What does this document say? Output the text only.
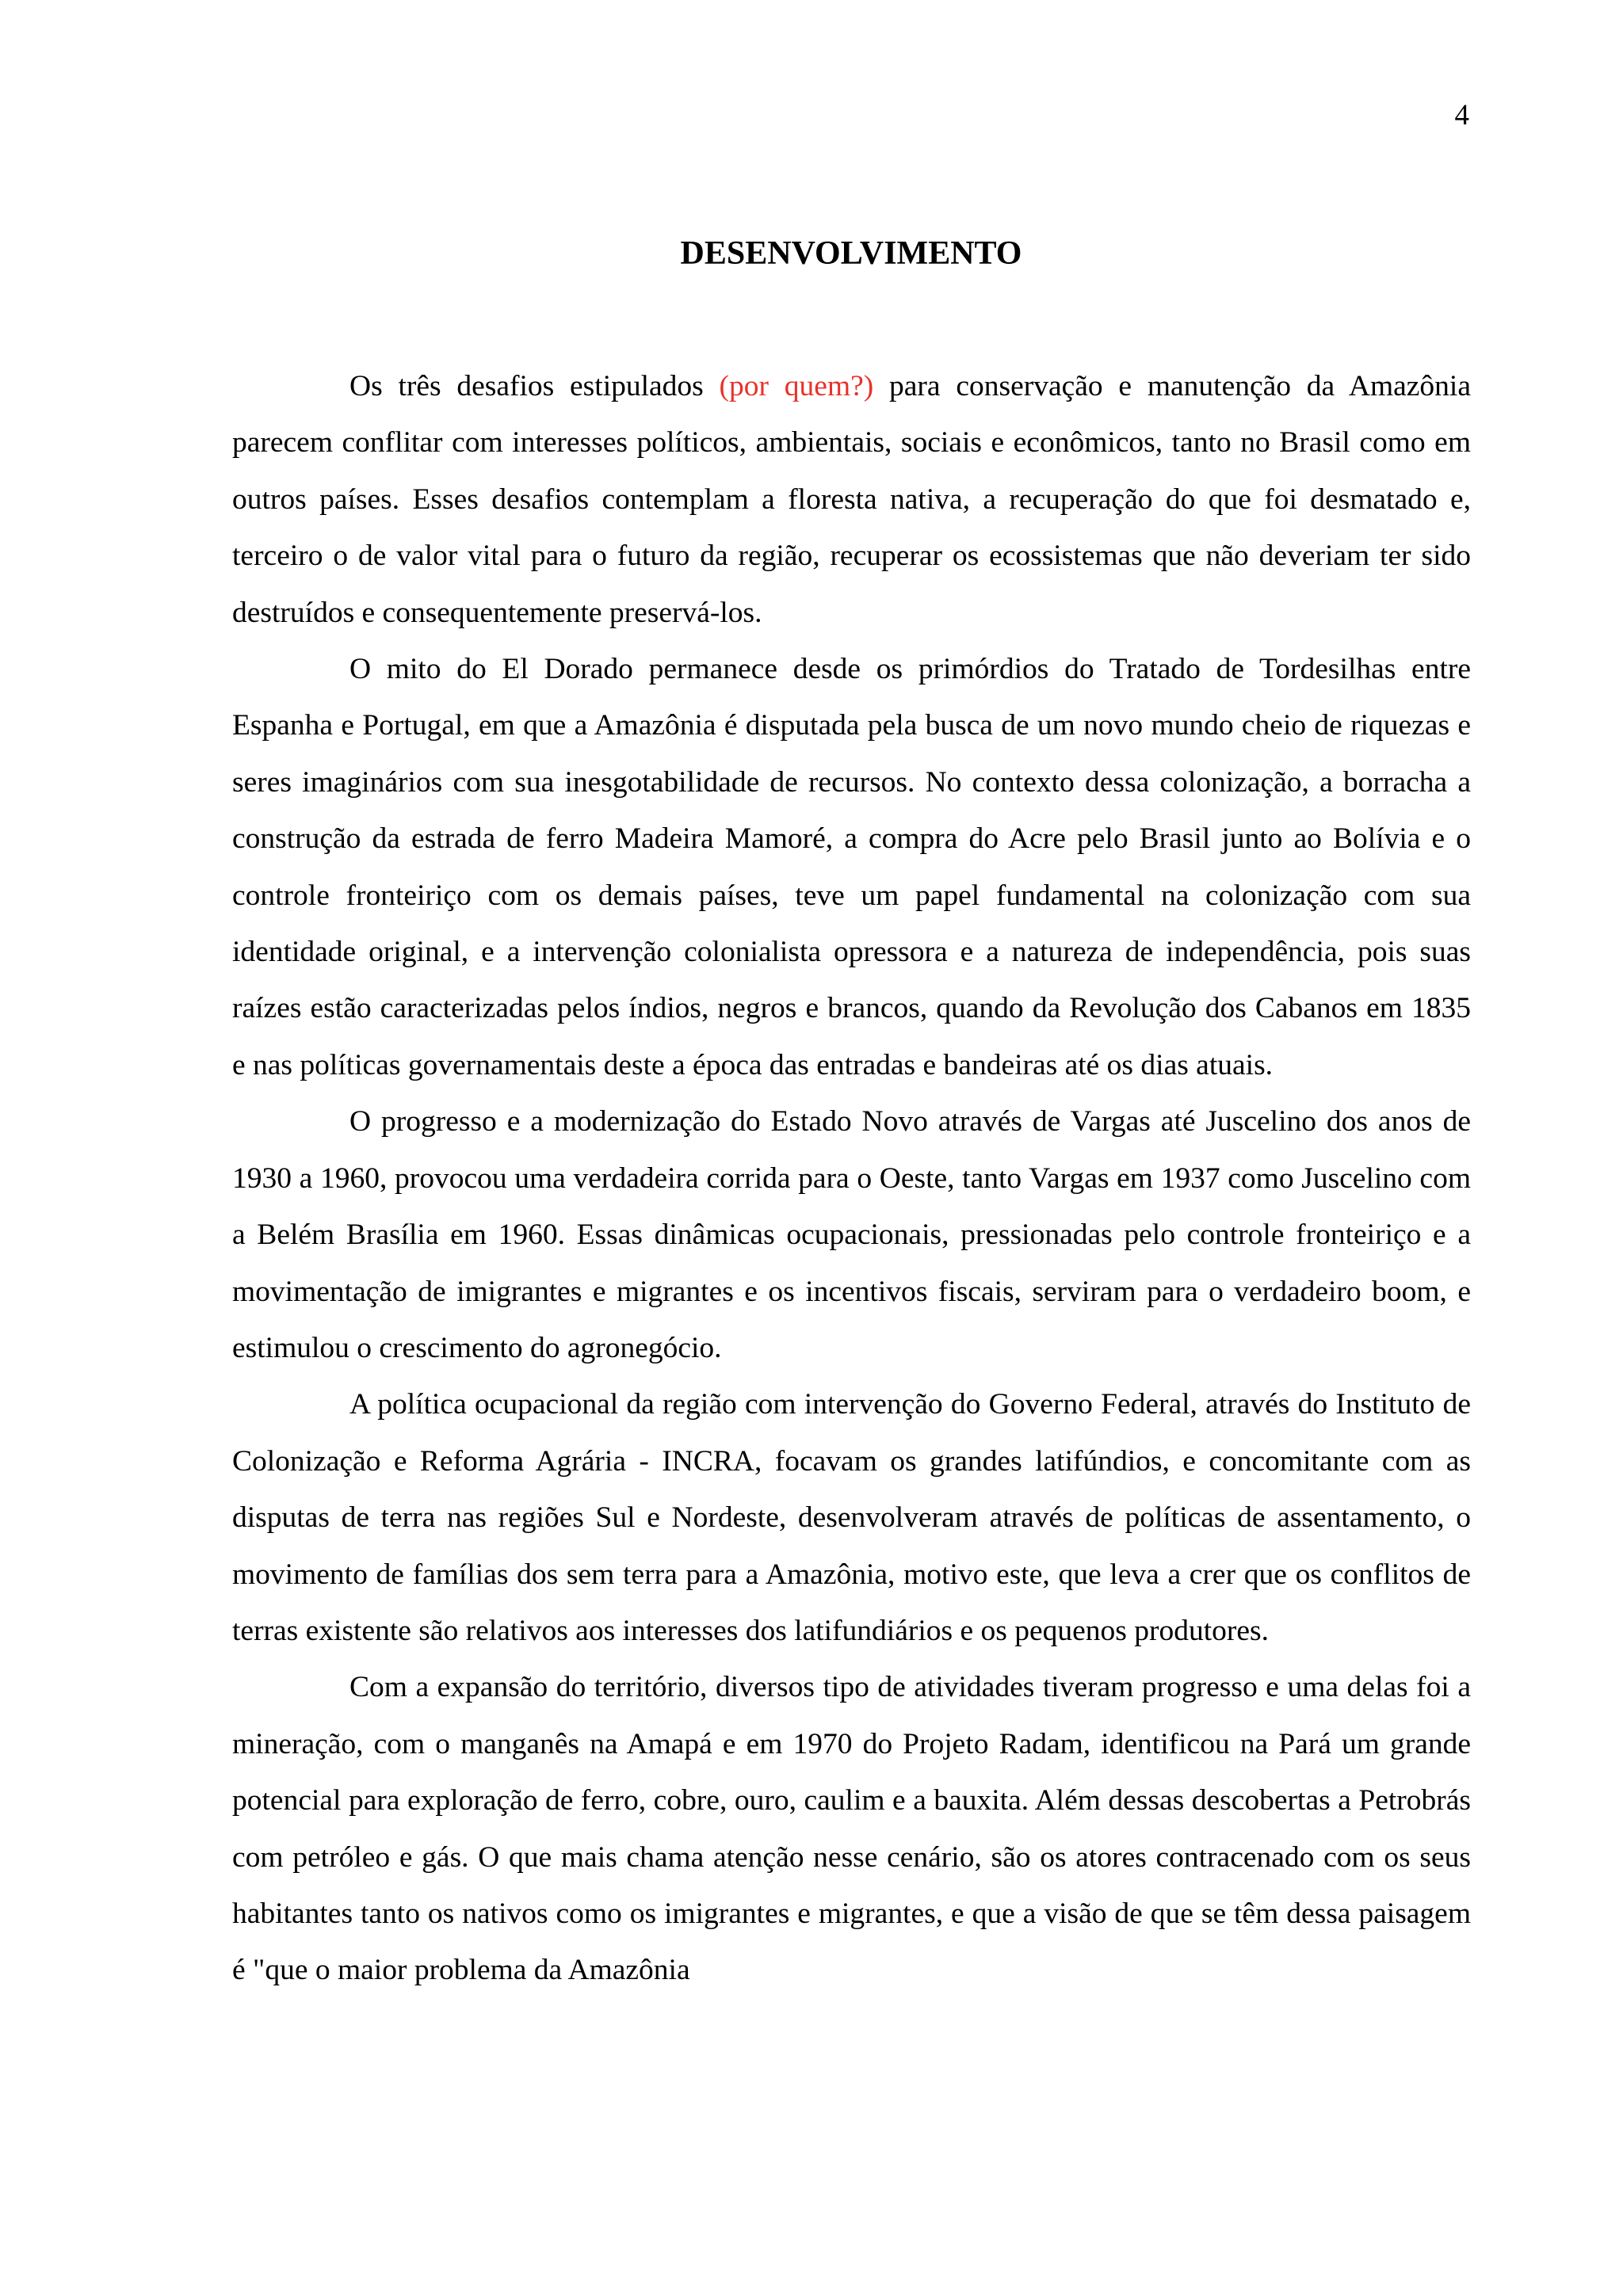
4
DESENVOLVIMENTO

Os três desafios estipulados (por quem?) para conservação e manutenção da Amazônia parecem conflitar com interesses políticos, ambientais, sociais e econômicos, tanto no Brasil como em outros países. Esses desafios contemplam a floresta nativa, a recuperação do que foi desmatado e, terceiro o de valor vital para o futuro da região, recuperar os ecossistemas que não deveriam ter sido destruídos e consequentemente preservá-los.

O mito do El Dorado permanece desde os primórdios do Tratado de Tordesilhas entre Espanha e Portugal, em que a Amazônia é disputada pela busca de um novo mundo cheio de riquezas e seres imaginários com sua inesgotabilidade de recursos. No contexto dessa colonização, a borracha a construção da estrada de ferro Madeira Mamoré, a compra do Acre pelo Brasil junto ao Bolívia e o controle fronteiriço com os demais países, teve um papel fundamental na colonização com sua identidade original, e a intervenção colonialista opressora e a natureza de independência, pois suas raízes estão caracterizadas pelos índios, negros e brancos, quando da Revolução dos Cabanos em 1835 e nas políticas governamentais deste a época das entradas e bandeiras até os dias atuais.

O progresso e a modernização do Estado Novo através de Vargas até Juscelino dos anos de 1930 a 1960, provocou uma verdadeira corrida para o Oeste, tanto Vargas em 1937 como Juscelino com a Belém Brasília em 1960. Essas dinâmicas ocupacionais, pressionadas pelo controle fronteiriço e a movimentação de imigrantes e migrantes e os incentivos fiscais, serviram para o verdadeiro boom, e estimulou o crescimento do agronegócio.

A política ocupacional da região com intervenção do Governo Federal, através do Instituto de Colonização e Reforma Agrária - INCRA, focavam os grandes latifúndios, e concomitante com as disputas de terra nas regiões Sul e Nordeste, desenvolveram através de políticas de assentamento, o movimento de famílias dos sem terra para a Amazônia, motivo este, que leva a crer que os conflitos de terras existente são relativos aos interesses dos latifundiários e os pequenos produtores.

Com a expansão do território, diversos tipo de atividades tiveram progresso e uma delas foi a mineração, com o manganês na Amapá e em 1970 do Projeto Radam, identificou na Pará um grande potencial para exploração de ferro, cobre, ouro, caulim e a bauxita. Além dessas descobertas a Petrobrás com petróleo e gás. O que mais chama atenção nesse cenário, são os atores contracenado com os seus habitantes tanto os nativos como os imigrantes e migrantes, e que a visão de que se têm dessa paisagem é "que o maior problema da Amazônia
